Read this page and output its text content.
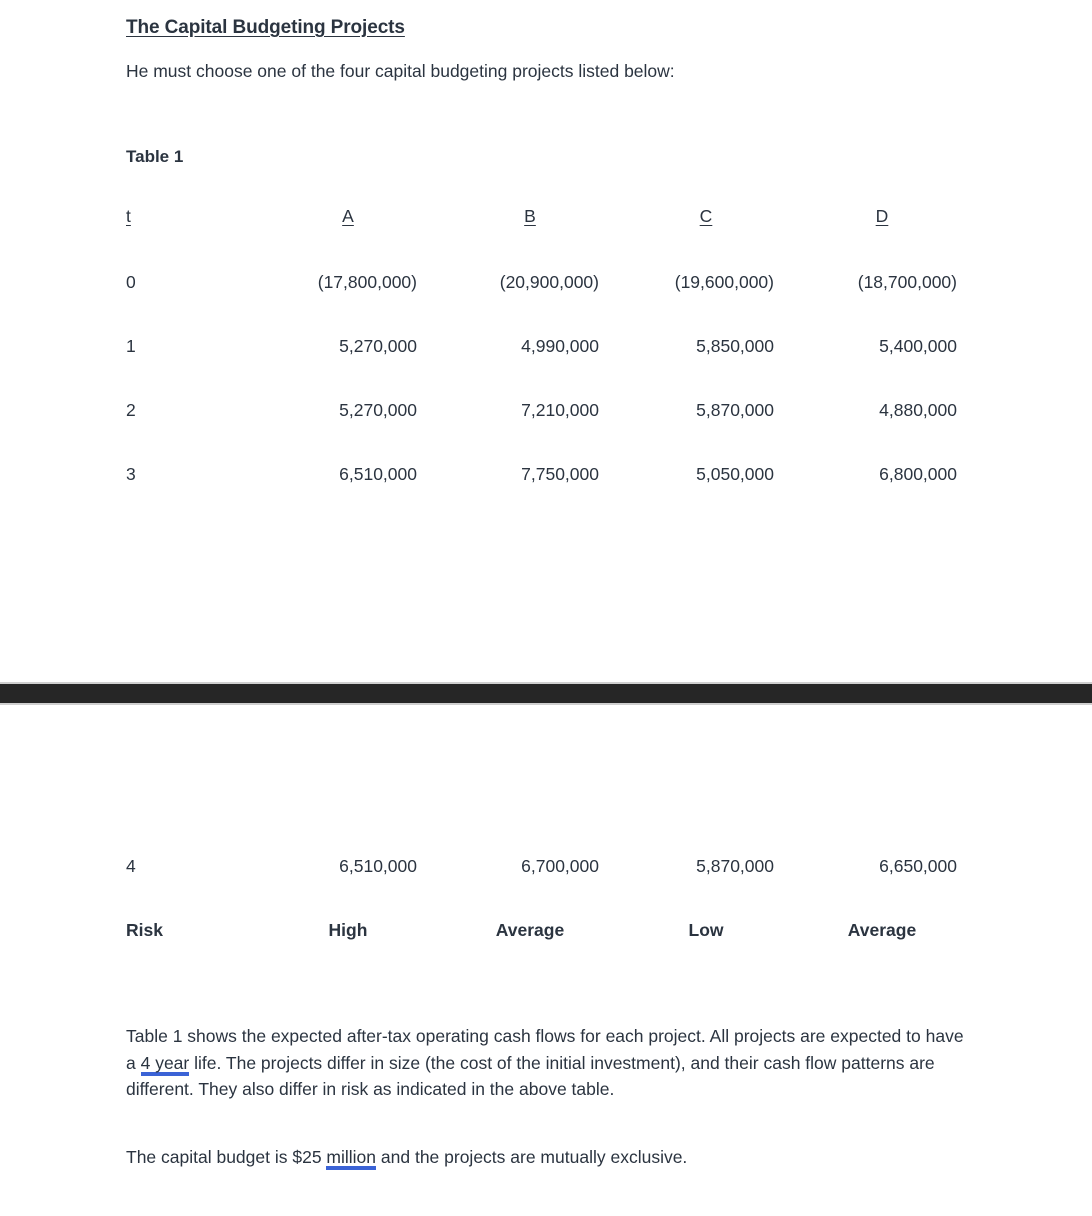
The Capital Budgeting Projects
He must choose one of the four capital budgeting projects listed below:
Table 1
t	A	B	C	D
0	(17,800,000)	(20,900,000)	(19,600,000)	(18,700,000)
1	5,270,000	4,990,000	5,850,000	5,400,000
2	5,270,000	7,210,000	5,870,000	4,880,000
3	6,510,000	7,750,000	5,050,000	6,800,000
4	6,510,000	6,700,000	5,870,000	6,650,000
Risk	High	Average	Low	Average
Table 1 shows the expected after-tax operating cash flows for each project. All projects are expected to have a 4 year life. The projects differ in size (the cost of the initial investment), and their cash flow patterns are different. They also differ in risk as indicated in the above table.
The capital budget is $25 million and the projects are mutually exclusive.
